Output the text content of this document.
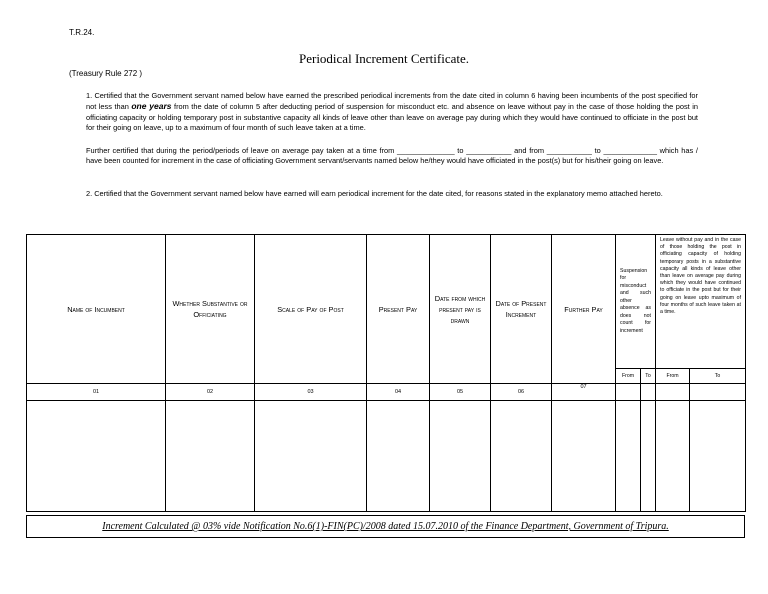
T.R.24.
Periodical Increment Certificate.
(Treasury Rule 272 )
1. Certified that the Government servant named below have earned the prescribed periodical increments from the date cited in column 6 having been incumbents of the post specified for not less than one years from the date of column 5 after deducting period of suspension for misconduct etc. and absence on leave without pay in the case of those holding the post in officiating capacity or holding temporary post in substantive capacity all kinds of leave other than leave on average pay during which they would have continued to officiate in the post but for their going on leave, up to a maximum of four month of such leave taken at a time.
Further certified that during the period/periods of leave on average pay taken at a time from ______________ to ___________ and from ___________ to _____________ which has / have been counted for increment in the case of officiating Government servant/servants named below he/they would have officiated in the post(s) but for his/their going on leave.
2. Certified that the Government servant named below have earned will earn periodical increment for the date cited, for reasons stated in the explanatory memo attached hereto.
Name of Incumbent	Whether Substantive or Officiating	Scale of Pay of Post	Present Pay	Date from which present pay is drawn	Date of Present Increment	Further Pay	Suspension for misconduct and such other absence as does not count for increment		Leave without pay and in the case of those holding the post in officiating capacity of holding temporary posts in a substantive capacity all kinds of leave other than leave on average pay during which they would have continued to officiate in the post but for their going on leave upto maximum of four months of such leave taken at a time.	
							From	To	From	To
01	02	03	04	05	06	07				

Increment Calculated @ 03% vide Notification No.6(1)-FIN(PC)/2008 dated 15.07.2010 of the Finance Department, Government of Tripura.
